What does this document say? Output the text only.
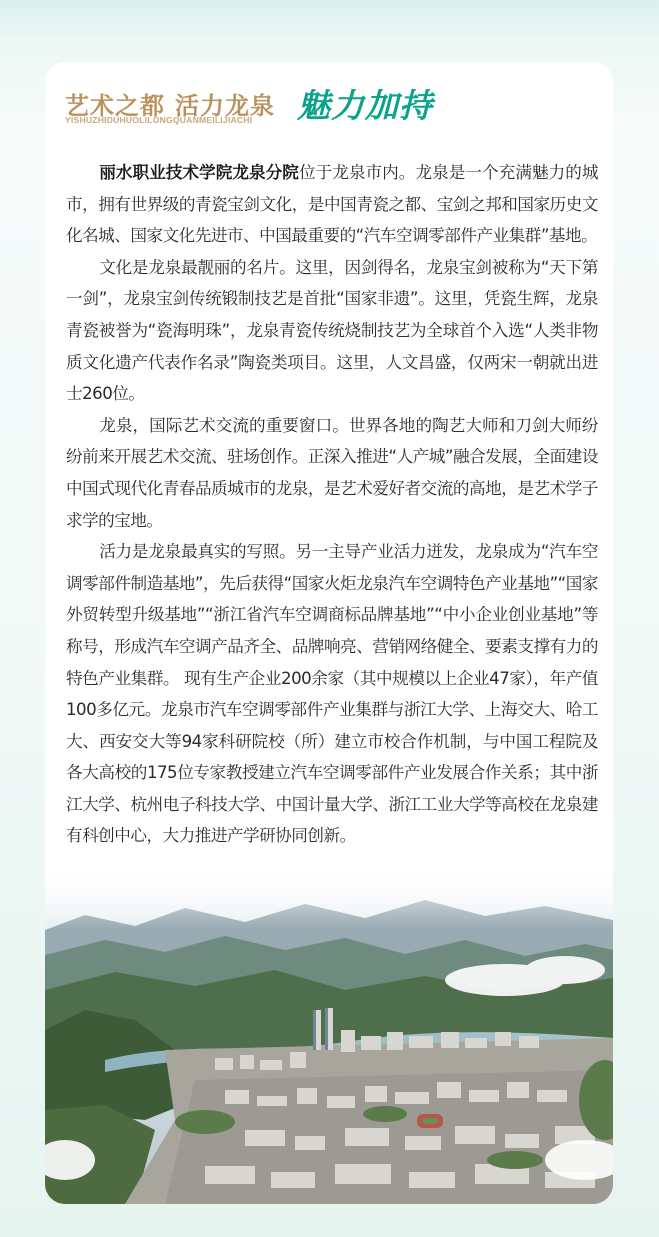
艺术之都 活力龙泉 魅力加持
YISHUZHIDUHUOLILONGQUANMEILIJIACHI

丽水职业技术学院龙泉分院位于龙泉市内。龙泉是一个充满魅力的城市，拥有世界级的青瓷宝剑文化，是中国青瓷之都、宝剑之邦和国家历史文化名城、国家文化先进市、中国最重要的“汽车空调零部件产业集群”基地。

文化是龙泉最靓丽的名片。这里，因剑得名，龙泉宝剑被称为“天下第一剑”，龙泉宝剑传统锻制技艺是首批“国家非遗”。这里，凭瓷生辉，龙泉青瓷被誉为“瓷海明珠”，龙泉青瓷传统烧制技艺为全球首个入选“人类非物质文化遗产代表作名录”陶瓷类项目。这里，人文昌盛，仅两宋一朝就出进士260位。

龙泉，国际艺术交流的重要窗口。世界各地的陶艺大师和刀剑大师纷纷前来开展艺术交流、驻场创作。正深入推进“人产城”融合发展，全面建设中国式现代化青春品质城市的龙泉，是艺术爱好者交流的高地，是艺术学子求学的宝地。

活力是龙泉最真实的写照。另一主导产业活力迸发，龙泉成为“汽车空调零部件制造基地”，先后获得“国家火炬龙泉汽车空调特色产业基地”“国家外贸转型升级基地”“浙江省汽车空调商标品牌基地”“中小企业创业基地”等称号，形成汽车空调产品齐全、品牌响亮、营销网络健全、要素支撑有力的特色产业集群。 现有生产企业200余家（其中规模以上企业47家），年产值100多亿元。龙泉市汽车空调零部件产业集群与浙江大学、上海交大、哈工大、西安交大等94家科研院校（所）建立市校合作机制，与中国工程院及各大高校的175位专家教授建立汽车空调零部件产业发展合作关系；其中浙江大学、杭州电子科技大学、中国计量大学、浙江工业大学等高校在龙泉建有科创中心，大力推进产学研协同创新。
